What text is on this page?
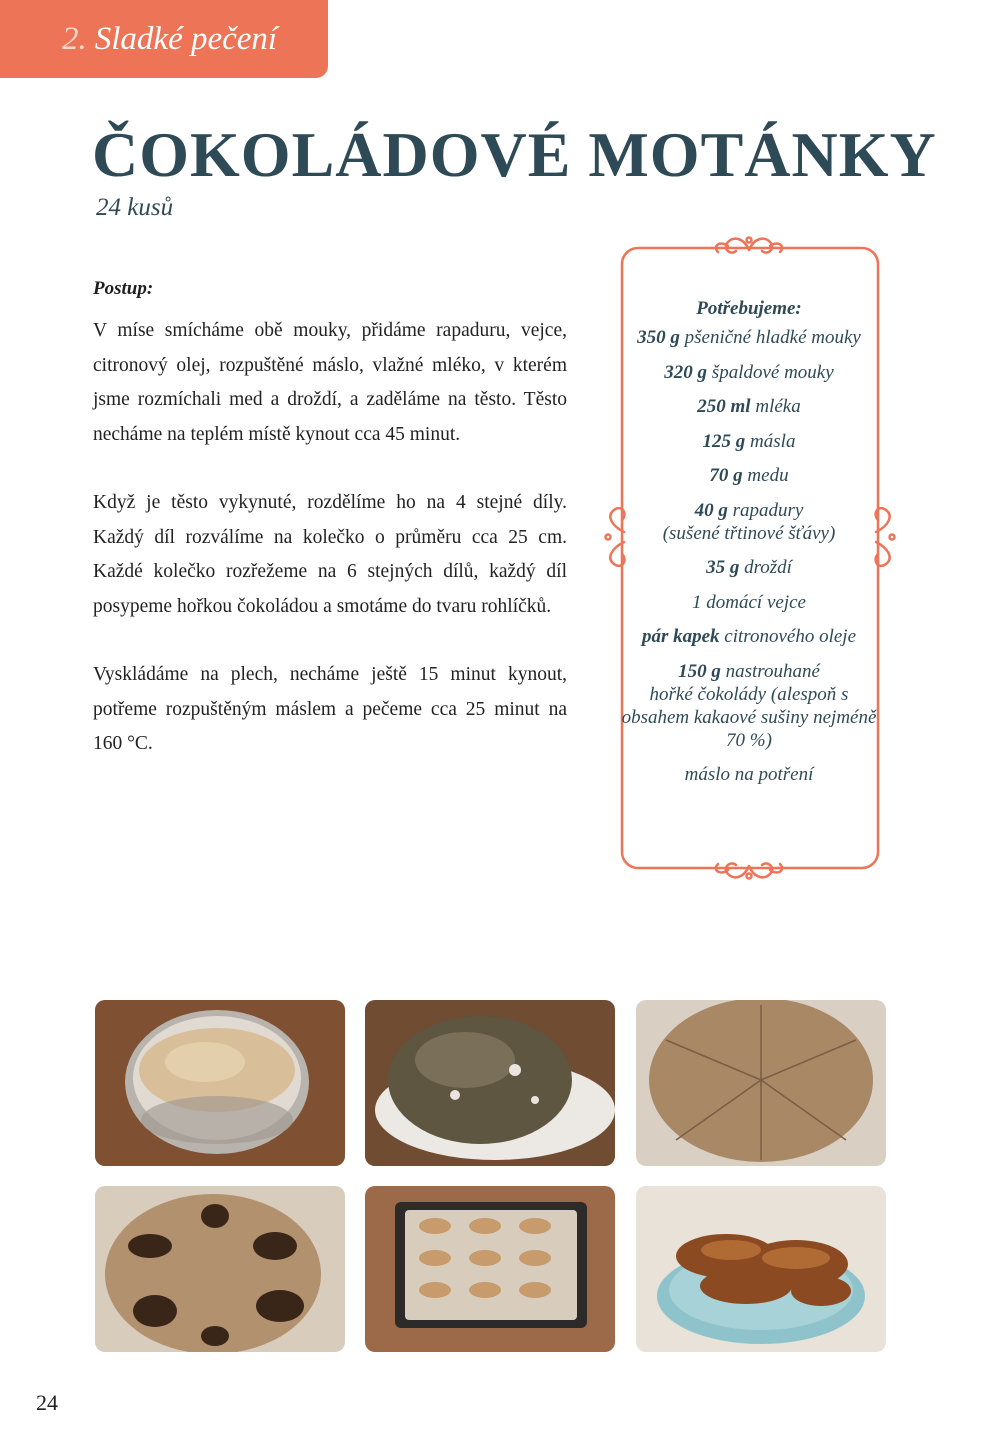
2. Sladké pečení
ČOKOLÁDOVÉ MOTÁNKY
24 kusů
Postup:

V míse smícháme obě mouky, přidáme rapaduru, vejce, citronový olej, rozpuštěné máslo, vlažné mléko, v kterém jsme rozmíchali med a droždí, a zaděláme na těsto. Těsto necháme na teplém místě kynout cca 45 minut.

Když je těsto vykynuté, rozdělíme ho na 4 stejné díly. Každý díl rozválíme na kolečko o průměru cca 25 cm. Každé kolečko rozřežeme na 6 stejných dílů, každý díl posypeme hořkou čokoládou a smotáme do tvaru rohlíčků.

Vyskládáme na plech, necháme ještě 15 minut kynout, potřeme rozpuštěným máslem a pečeme cca 25 minut na 160 °C.

Potřebujeme:
350 g pšeničné hladké mouky
320 g špaldové mouky
250 ml mléka
125 g másla
70 g medu
40 g rapadury
(sušené třtinové šťávy)
35 g droždí
1 domácí vejce
pár kapek citronového oleje
150 g nastrouhané
hořké čokolády (alespoň s obsahem kakaové sušiny nejméně 70 %)
máslo na potření
24
